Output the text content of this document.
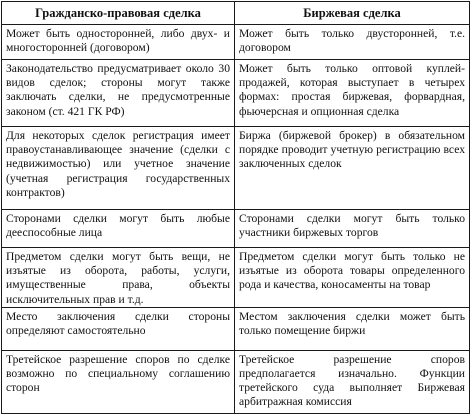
Гражданско-правовая сделка	Биржевая сделка

Может быть односторонней, либо двух- и многосторонней (договором)	Может быть только двусторонней, т.е. договором

Законодательство предусматривает около 30 видов сделок; стороны могут также заключать сделки, не предусмотренные законом (ст. 421 ГК РФ)	Может быть только оптовой куплей-продажей, которая выступает в четырех формах: простая биржевая, форвардная, фьючерсная и опционная сделка

Для некоторых сделок регистрация имеет правоустанавливающее значение (сделки с недвижимостью) или учетное значение (учетная регистрация государственных контрактов)	Биржа (биржевой брокер) в обязательном порядке проводит учетную регистрацию всех заключенных сделок

Сторонами сделки могут быть любые дееспособные лица	Сторонами сделки могут быть только участники биржевых торгов

Предметом сделки могут быть вещи, не изъятые из оборота, работы, услуги, имущественные права, объекты исключительных прав и т.д.	Предметом сделки могут быть только не изъятые из оборота товары определенного рода и качества, коносаменты на товар

Место заключения сделки стороны определяют самостоятельно	Местом заключения сделки может быть только помещение биржи

Третейское разрешение споров по сделке возможно по специальному соглашению сторон	Третейское разрешение споров предполагается изначально. Функции третейского суда выполняет Биржевая арбитражная комиссия
